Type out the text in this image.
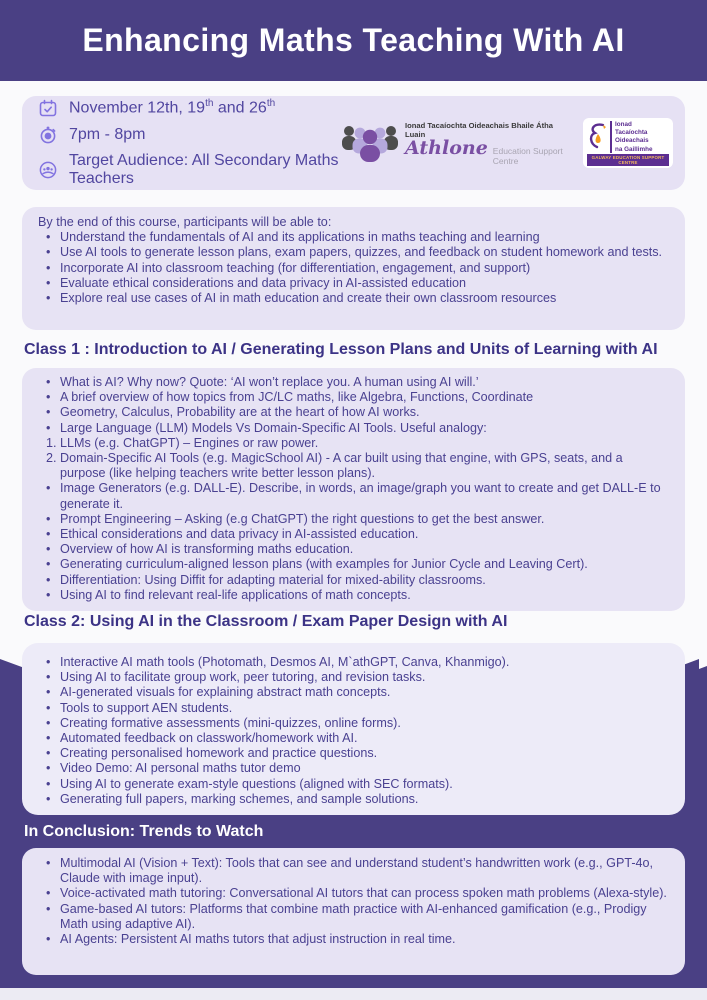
Enhancing Maths Teaching With AI
November 12th, 19th and 26th
7pm - 8pm
Target Audience: All Secondary Maths Teachers
Ionad Tacaíochta Oideachais Bhaile Átha Luain
Athlone Education Support Centre
Ionad
Tacaíochta
Oideachais
na Gaillimhe
GALWAY EDUCATION SUPPORT CENTRE

By the end of this course, participants will be able to:

• Understand the fundamentals of AI and its applications in maths teaching and learning
• Use AI tools to generate lesson plans, exam papers, quizzes, and feedback on student homework and tests.
• Incorporate AI into classroom teaching (for differentiation, engagement, and support)
• Evaluate ethical considerations and data privacy in AI-assisted education
• Explore real use cases of AI in math education and create their own classroom resources
Class 1 : Introduction to AI / Generating Lesson Plans and Units of Learning with AI
• What is AI? Why now? Quote: ‘AI won’t replace you. A human using AI will.’
• A brief overview of how topics from JC/LC maths, like Algebra, Functions, Coordinate
• Geometry, Calculus, Probability are at the heart of how AI works.
• Large Language (LLM) Models Vs Domain-Specific AI Tools. Useful analogy:
1. LLMs (e.g. ChatGPT) – Engines or raw power.
2. Domain-Specific AI Tools (e.g. MagicSchool AI) - A car built using that engine, with GPS, seats, and a purpose (like helping teachers write better lesson plans).
• Image Generators (e.g. DALL-E). Describe, in words, an image/graph you want to create and get DALL-E to generate it.
• Prompt Engineering – Asking (e.g ChatGPT) the right questions to get the best answer.
• Ethical considerations and data privacy in AI-assisted education.
• Overview of how AI is transforming maths education.
• Generating curriculum-aligned lesson plans (with examples for Junior Cycle and Leaving Cert).
• Differentiation: Using Diffit for adapting material for mixed-ability classrooms.
• Using AI to find relevant real-life applications of math concepts.
Class 2: Using AI in the Classroom / Exam Paper Design with AI
• Interactive AI math tools (Photomath, Desmos AI, M`athGPT, Canva, Khanmigo).
• Using AI to facilitate group work, peer tutoring, and revision tasks.
• AI-generated visuals for explaining abstract math concepts.
• Tools to support AEN students.
• Creating formative assessments (mini-quizzes, online forms).
• Automated feedback on classwork/homework with AI.
• Creating personalised homework and practice questions.
• Video Demo: AI personal maths tutor demo
• Using AI to generate exam-style questions (aligned with SEC formats).
• Generating full papers, marking schemes, and sample solutions.
In Conclusion: Trends to Watch
• Multimodal AI (Vision + Text): Tools that can see and understand student’s handwritten work (e.g., GPT-4o, Claude with image input).
• Voice-activated math tutoring: Conversational AI tutors that can process spoken math problems (Alexa-style).
• Game-based AI tutors: Platforms that combine math practice with AI-enhanced gamification (e.g., Prodigy Math using adaptive AI).
• AI Agents: Persistent AI maths tutors that adjust instruction in real time.
